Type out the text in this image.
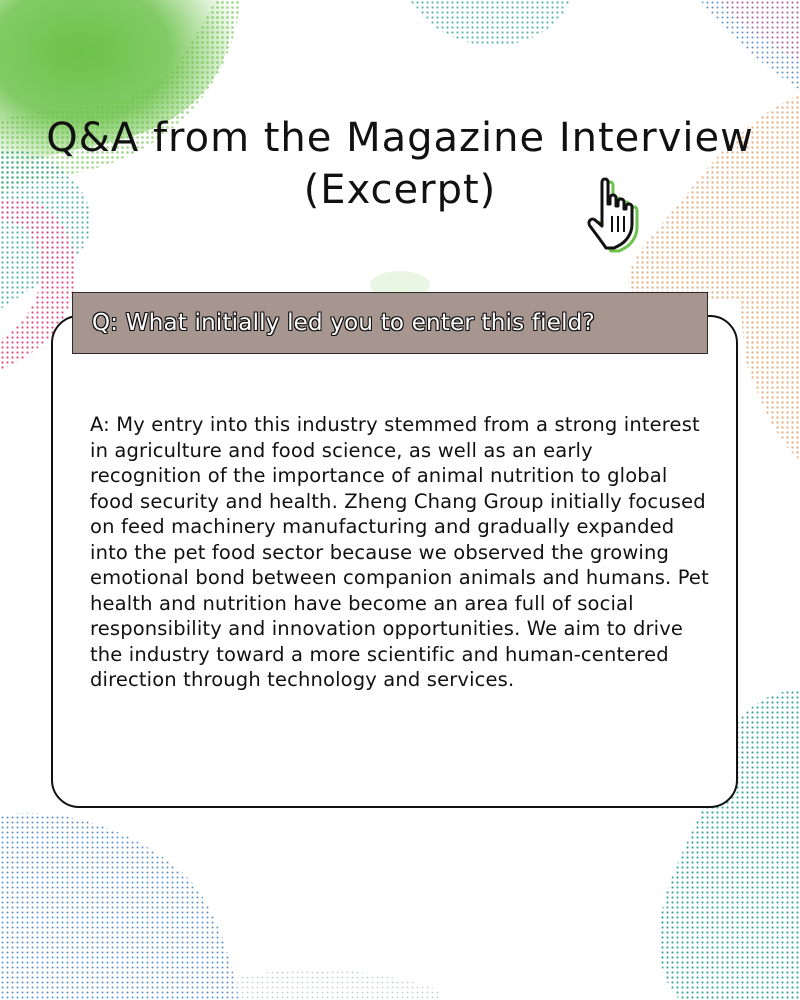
Q&A from the Magazine Interview
(Excerpt)
Q: What initially led you to enter this field?
A: My entry into this industry stemmed from a strong interest in agriculture and food science, as well as an early recognition of the importance of animal nutrition to global food security and health. Zheng Chang Group initially focused on feed machinery manufacturing and gradually expanded into the pet food sector because we observed the growing emotional bond between companion animals and humans. Pet health and nutrition have become an area full of social responsibility and innovation opportunities. We aim to drive the industry toward a more scientific and human-centered direction through technology and services.
